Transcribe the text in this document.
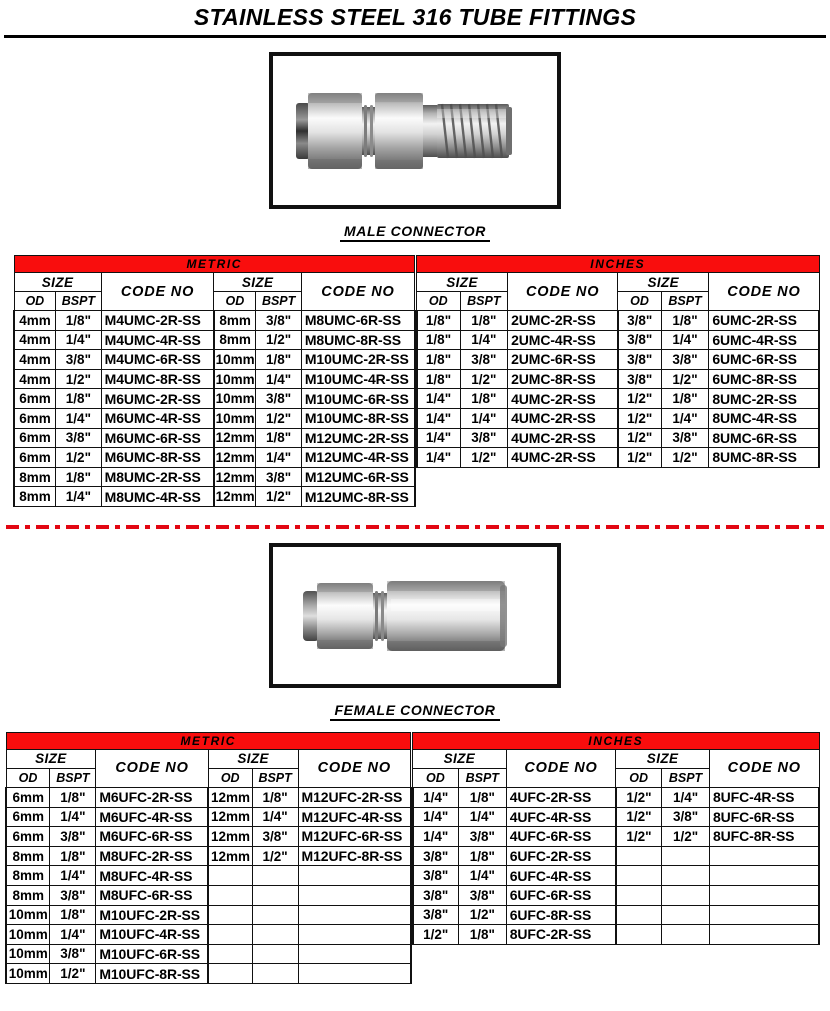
STAINLESS STEEL 316 TUBE FITTINGS
MALE CONNECTOR
METRIC					
SIZE		CODE NO	SIZE		CODE NO
OD	BSPT		OD	BSPT	
4mm	1/8"	M4UMC-2R-SS	8mm	3/8"	M8UMC-6R-SS
4mm	1/4"	M4UMC-4R-SS	8mm	1/2"	M8UMC-8R-SS
4mm	3/8"	M4UMC-6R-SS	10mm	1/8"	M10UMC-2R-SS
4mm	1/2"	M4UMC-8R-SS	10mm	1/4"	M10UMC-4R-SS
6mm	1/8"	M6UMC-2R-SS	10mm	3/8"	M10UMC-6R-SS
6mm	1/4"	M6UMC-4R-SS	10mm	1/2"	M10UMC-8R-SS
6mm	3/8"	M6UMC-6R-SS	12mm	1/8"	M12UMC-2R-SS
6mm	1/2"	M6UMC-8R-SS	12mm	1/4"	M12UMC-4R-SS
8mm	1/8"	M8UMC-2R-SS	12mm	3/8"	M12UMC-6R-SS
8mm	1/4"	M8UMC-4R-SS	12mm	1/2"	M12UMC-8R-SS
INCHES					
SIZE		CODE NO	SIZE		CODE NO
OD	BSPT		OD	BSPT	
1/8"	1/8"	2UMC-2R-SS	3/8"	1/8"	6UMC-2R-SS
1/8"	1/4"	2UMC-4R-SS	3/8"	1/4"	6UMC-4R-SS
1/8"	3/8"	2UMC-6R-SS	3/8"	3/8"	6UMC-6R-SS
1/8"	1/2"	2UMC-8R-SS	3/8"	1/2"	6UMC-8R-SS
1/4"	1/8"	4UMC-2R-SS	1/2"	1/8"	8UMC-2R-SS
1/4"	1/4"	4UMC-2R-SS	1/2"	1/4"	8UMC-4R-SS
1/4"	3/8"	4UMC-2R-SS	1/2"	3/8"	8UMC-6R-SS
1/4"	1/2"	4UMC-2R-SS	1/2"	1/2"	8UMC-8R-SS
FEMALE CONNECTOR
METRIC					
SIZE		CODE NO	SIZE		CODE NO
OD	BSPT		OD	BSPT	
6mm	1/8"	M6UFC-2R-SS	12mm	1/8"	M12UFC-2R-SS
6mm	1/4"	M6UFC-4R-SS	12mm	1/4"	M12UFC-4R-SS
6mm	3/8"	M6UFC-6R-SS	12mm	3/8"	M12UFC-6R-SS
8mm	1/8"	M8UFC-2R-SS	12mm	1/2"	M12UFC-8R-SS
8mm	1/4"	M8UFC-4R-SS			
8mm	3/8"	M8UFC-6R-SS			
10mm	1/8"	M10UFC-2R-SS			
10mm	1/4"	M10UFC-4R-SS			
10mm	3/8"	M10UFC-6R-SS			
10mm	1/2"	M10UFC-8R-SS			
INCHES					
SIZE		CODE NO	SIZE		CODE NO
OD	BSPT		OD	BSPT	
1/4"	1/8"	4UFC-2R-SS	1/2"	1/4"	8UFC-4R-SS
1/4"	1/4"	4UFC-4R-SS	1/2"	3/8"	8UFC-6R-SS
1/4"	3/8"	4UFC-6R-SS	1/2"	1/2"	8UFC-8R-SS
3/8"	1/8"	6UFC-2R-SS			
3/8"	1/4"	6UFC-4R-SS			
3/8"	3/8"	6UFC-6R-SS			
3/8"	1/2"	6UFC-8R-SS			
1/2"	1/8"	8UFC-2R-SS			
